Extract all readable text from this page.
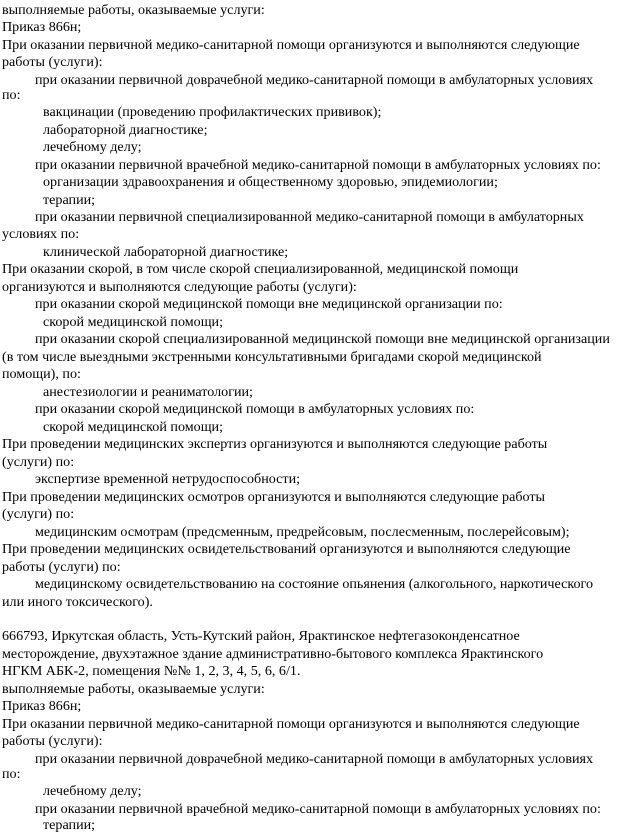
выполняемые работы, оказываемые услуги:
Приказ 866н;
При оказании первичной медико-санитарной помощи организуются и выполняются следующие
работы (услуги):
при оказании первичной доврачебной медико-санитарной помощи в амбулаторных условиях
по:
вакцинации (проведению профилактических прививок);
лабораторной диагностике;
лечебному делу;
при оказании первичной врачебной медико-санитарной помощи в амбулаторных условиях по:
организации здравоохранения и общественному здоровью, эпидемиологии;
терапии;
при оказании первичной специализированной медико-санитарной помощи в амбулаторных
условиях по:
клинической лабораторной диагностике;
При оказании скорой, в том числе скорой специализированной, медицинской помощи
организуются и выполняются следующие работы (услуги):
при оказании скорой медицинской помощи вне медицинской организации по:
скорой медицинской помощи;
при оказании скорой специализированной медицинской помощи вне медицинской организации
(в том числе выездными экстренными консультативными бригадами скорой медицинской
помощи), по:
анестезиологии и реаниматологии;
при оказании скорой медицинской помощи в амбулаторных условиях по:
скорой медицинской помощи;
При проведении медицинских экспертиз организуются и выполняются следующие работы
(услуги) по:
экспертизе временной нетрудоспособности;
При проведении медицинских осмотров организуются и выполняются следующие работы
(услуги) по:
медицинским осмотрам (предсменным, предрейсовым, послесменным, послерейсовым);
При проведении медицинских освидетельствований организуются и выполняются следующие
работы (услуги) по:
медицинскому освидетельствованию на состояние опьянения (алкогольного, наркотического
или иного токсического).
666793, Иркутская область, Усть-Кутский район, Ярактинское нефтегазоконденсатное
месторождение, двухэтажное здание административно-бытового комплекса Ярактинского
НГКМ АБК-2, помещения №№ 1, 2, 3, 4, 5, 6, 6/1.
выполняемые работы, оказываемые услуги:
Приказ 866н;
При оказании первичной медико-санитарной помощи организуются и выполняются следующие
работы (услуги):
при оказании первичной доврачебной медико-санитарной помощи в амбулаторных условиях
по:
лечебному делу;
при оказании первичной врачебной медико-санитарной помощи в амбулаторных условиях по:
терапии;
